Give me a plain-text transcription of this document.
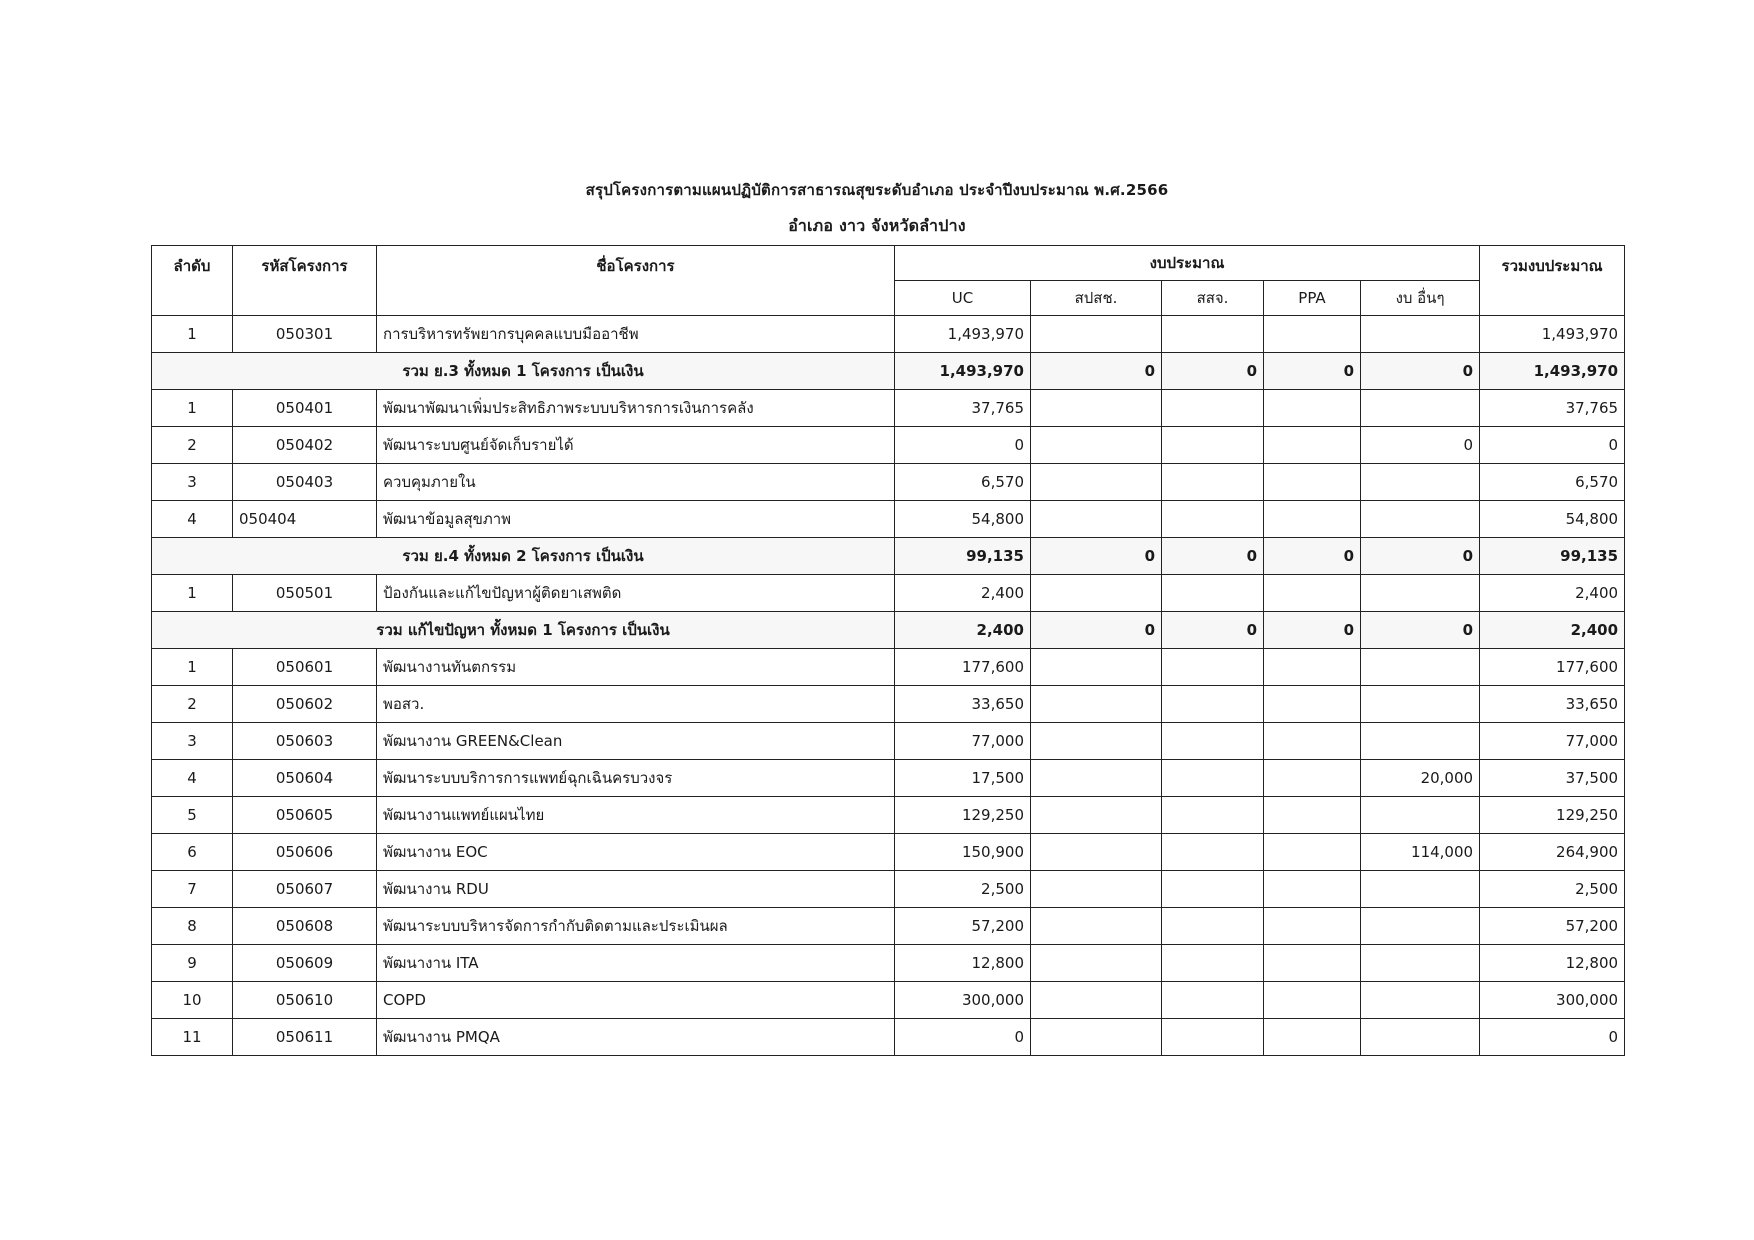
สรุปโครงการตามแผนปฏิบัติการสาธารณสุขระดับอำเภอ ประจำปีงบประมาณ พ.ศ.2566
อำเภอ งาว จังหวัดลำปาง
ลำดับ	รหัสโครงการ	ชื่อโครงการ	งบประมาณ					รวมงบประมาณ
			UC	สปสช.	สสจ.	PPA	งบ อื่นๆ	
1	050301	การบริหารทรัพยากรบุคคลแบบมืออาชีพ	1,493,970					1,493,970
รวม ย.3 ทั้งหมด 1 โครงการ เป็นเงิน			1,493,970	0	0	0	0	1,493,970
1	050401	พัฒนาพัฒนาเพิ่มประสิทธิภาพระบบบริหารการเงินการคลัง	37,765					37,765
2	050402	พัฒนาระบบศูนย์จัดเก็บรายได้	0				0	0
3	050403	ควบคุมภายใน	6,570					6,570
4	050404	พัฒนาข้อมูลสุขภาพ	54,800					54,800
รวม ย.4 ทั้งหมด 2 โครงการ เป็นเงิน			99,135	0	0	0	0	99,135
1	050501	ป้องกันและแก้ไขปัญหาผู้ติดยาเสพติด	2,400					2,400
รวม แก้ไขปัญหา ทั้งหมด 1 โครงการ เป็นเงิน			2,400	0	0	0	0	2,400
1	050601	พัฒนางานทันตกรรม	177,600					177,600
2	050602	พอสว.	33,650					33,650
3	050603	พัฒนางาน GREEN&Clean	77,000					77,000
4	050604	พัฒนาระบบบริการการแพทย์ฉุกเฉินครบวงจร	17,500				20,000	37,500
5	050605	พัฒนางานแพทย์แผนไทย	129,250					129,250
6	050606	พัฒนางาน EOC	150,900				114,000	264,900
7	050607	พัฒนางาน RDU	2,500					2,500
8	050608	พัฒนาระบบบริหารจัดการกำกับติดตามและประเมินผล	57,200					57,200
9	050609	พัฒนางาน ITA	12,800					12,800
10	050610	COPD	300,000					300,000
11	050611	พัฒนางาน PMQA	0					0
